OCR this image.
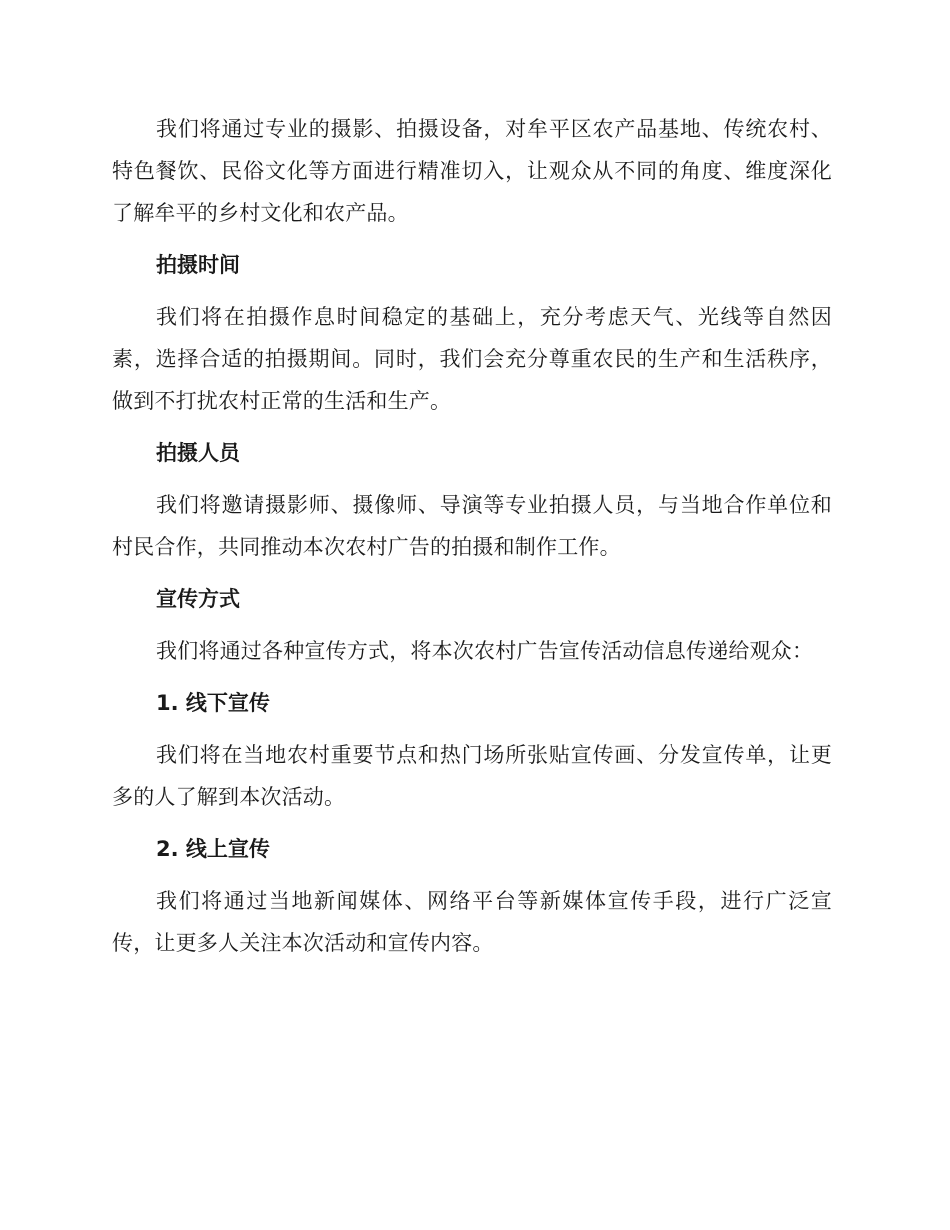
我们将通过专业的摄影、拍摄设备，对牟平区农产品基地、传统农村、特色餐饮、民俗文化等方面进行精准切入，让观众从不同的角度、维度深化了解牟平的乡村文化和农产品。

拍摄时间

我们将在拍摄作息时间稳定的基础上，充分考虑天气、光线等自然因素，选择合适的拍摄期间。同时，我们会充分尊重农民的生产和生活秩序，做到不打扰农村正常的生活和生产。

拍摄人员

我们将邀请摄影师、摄像师、导演等专业拍摄人员，与当地合作单位和村民合作，共同推动本次农村广告的拍摄和制作工作。

宣传方式

我们将通过各种宣传方式，将本次农村广告宣传活动信息传递给观众：

1. 线下宣传

我们将在当地农村重要节点和热门场所张贴宣传画、分发宣传单，让更多的人了解到本次活动。

2. 线上宣传

我们将通过当地新闻媒体、网络平台等新媒体宣传手段，进行广泛宣传，让更多人关注本次活动和宣传内容。
